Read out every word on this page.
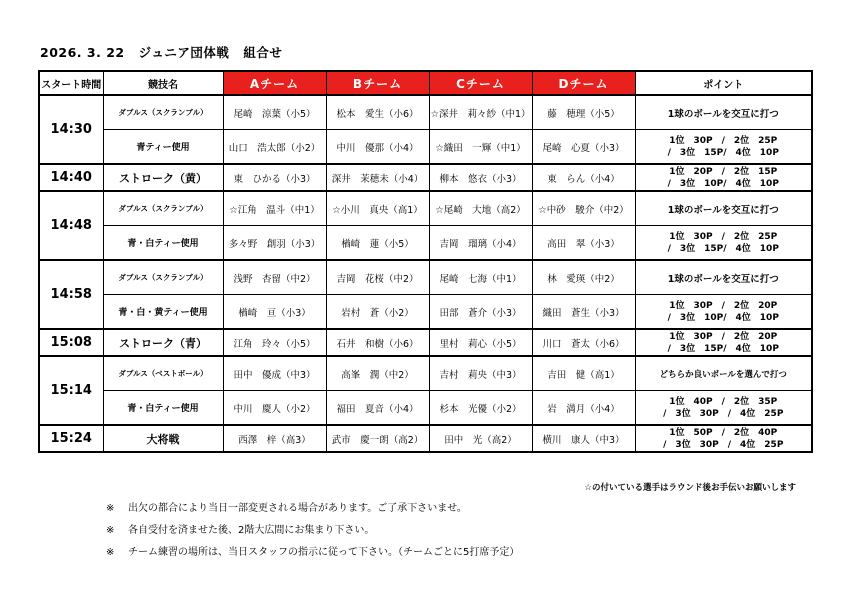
2026. 3. 22 ジュニア団体戦 組合せ
スタート時間	競技名	Aチーム	Bチーム	Cチーム	Dチーム	ポイント
14:30	ダブルス（スクランブル）	尾崎　涼葉（小5）	松本　愛生（小6）	☆深井　莉々紗（中1）	藤　穂理（小5）	1球のボールを交互に打つ
	青ティー使用	山口　浩太郎（小2）	中川　優那（小4）	☆織田　一輝（中1）	尾崎　心夏（小3）	1位　30P　/　2位　25P
/　3位　15P/　4位　10P

14:40	ストローク（黄）	東　ひかる（小3）	深井　茉穂未（小4）	柳本　悠衣（小3）	東　らん（小4）	1位　20P　/　2位　15P
/　3位　10P/　4位　10P

14:48	ダブルス（スクランブル）	☆江角　温斗（中1）	☆小川　真央（高1）	☆尾崎　大地（高2）	☆中砂　駿介（中2）	1球のボールを交互に打つ
	青・白ティー使用	多々野　創羽（小3）	楢崎　蓮（小5）	吉岡　瑠璃（小4）	高田　翠（小3）	1位　30P　/　2位　25P
/　3位　15P/　4位　10P

14:58	ダブルス（スクランブル）	浅野　杏留（中2）	吉岡　花桜（中2）	尾崎　七海（中1）	林　愛瑛（中2）	1球のボールを交互に打つ
	青・白・黄ティー使用	楢崎　亘（小3）	岩村　蒼（小2）	田部　蒼介（小3）	織田　蒼生（小3）	1位　30P　/　2位　20P
/　3位　10P/　4位　10P

15:08	ストローク（青）	江角　玲々（小5）	石井　和樹（小6）	里村　莉心（小5）	川口　蒼太（小6）	1位　30P　/　2位　20P
/　3位　15P/　4位　10P

15:14	ダブルス（ベストボール）	田中　優成（中3）	高峯　潤（中2）	吉村　莉央（中3）	吉田　健（高1）	どちらか良いボールを選んで打つ
	青・白ティー使用	中川　慶人（小2）	福田　夏音（小4）	杉本　光優（小2）	岩　満月（小4）	1位　40P　/　2位　35P
/　3位　30P　/　4位　25P

15:24	大将戦	西澤　梓（高3）	武市　慶一朗（高2）	田中　光（高2）	横川　康人（中3）	1位　50P　/　2位　40P
/　3位　30P　/　4位　25P
☆の付いている選手はラウンド後お手伝いお願いします
※ 出欠の都合により当日一部変更される場合があります。ご了承下さいませ。
※ 各自受付を済ませた後、2階大広間にお集まり下さい。
※ チーム練習の場所は、当日スタッフの指示に従って下さい。（チームごとに5打席予定）
